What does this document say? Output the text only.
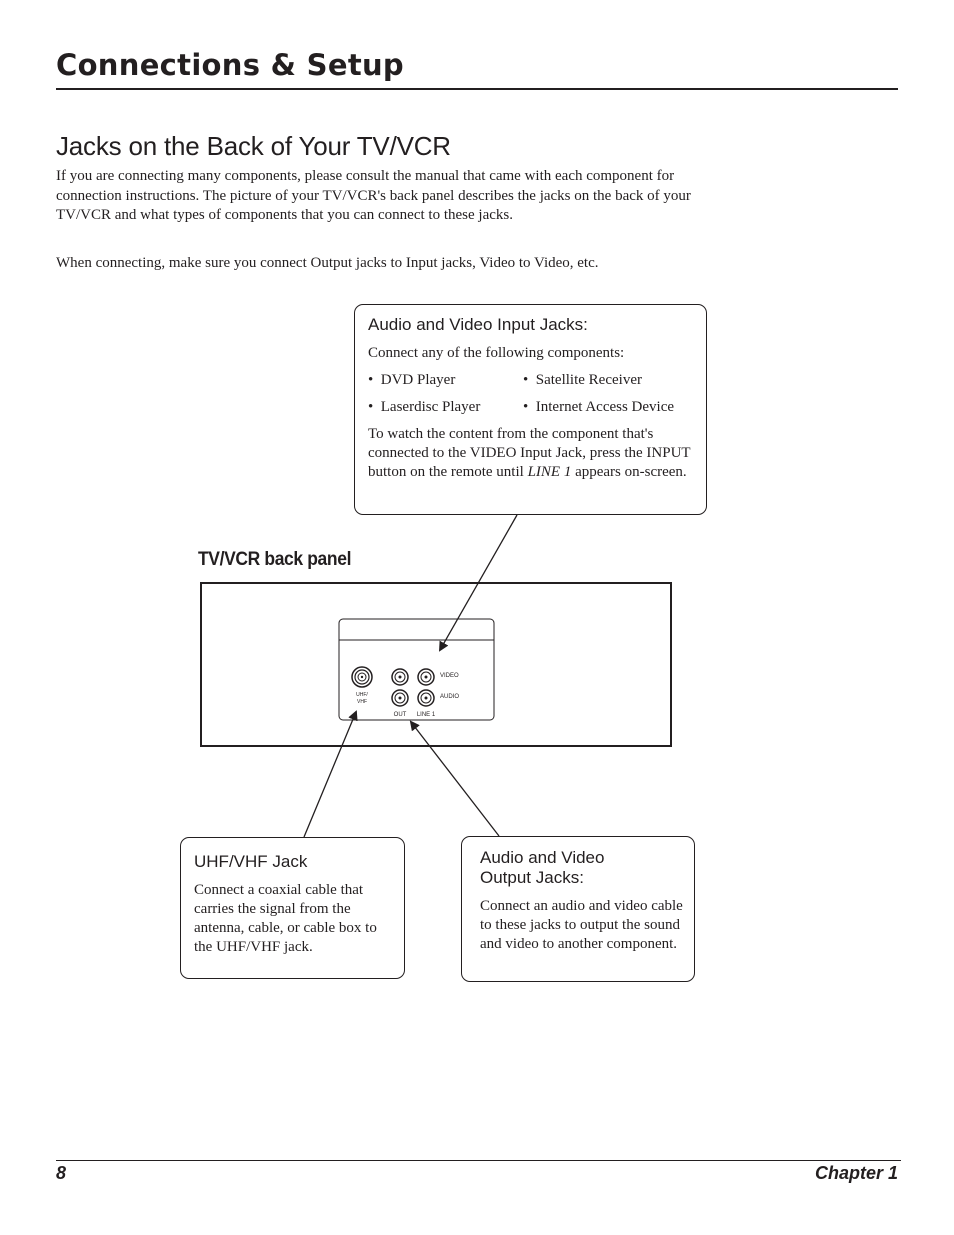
Connections & Setup
Jacks on the Back of Your TV/VCR

If you are connecting many components, please consult the manual that came with each component for connection instructions. The picture of your TV/VCR's back panel describes the jacks on the back of your TV/VCR and what types of components that you can connect to these jacks.

When connecting, make sure you connect Output jacks to Input jacks, Video to Video, etc.

UHF/
VHF
VIDEO
AUDIO
OUT LINE 1
TV/VCR back panel
Audio and Video Input Jacks:

Connect any of the following components:

•  DVD Player	•  Satellite Receiver
•  Laserdisc Player	•  Internet Access Device

To watch the content from the component that's connected to the VIDEO Input Jack, press the INPUT button on the remote until LINE 1 appears on-screen.

UHF/VHF Jack

Connect a coaxial cable that carries the signal from the antenna, cable, or cable box to the UHF/VHF jack.

Audio and Video
Output Jacks:

Connect an audio and video cable to these jacks to output the sound and video to another component.

8	Chapter 1
